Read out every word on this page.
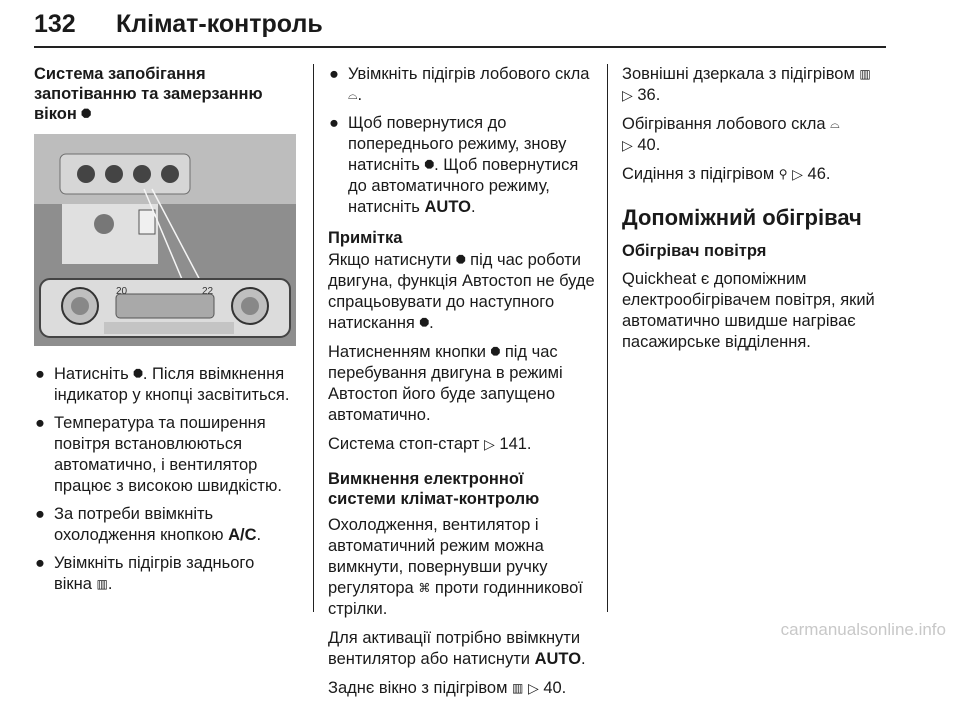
132 Клімат-контроль
Система запобігання запотіванню та замерзанню вікон ⯃
20	22
● Натисніть ⯃. Після ввімкнення індикатор у кнопці засвітиться.
● Температура та поширення повітря встановлюються автоматично, і вентилятор працює з високою швидкістю.
● За потреби ввімкніть охолодження кнопкою A/C.
● Увімкніть підігрів заднього вікна ▥.
● Увімкніть підігрів лобового скла ⌓.
● Щоб повернутися до попереднього режиму, знову натисніть ⯃. Щоб повернутися до автоматичного режиму, натисніть AUTO.
Примітка

Якщо натиснути ⯃ під час роботи двигуна, функція Автостоп не буде спрацьовувати до наступного натискання ⯃.

Натисненням кнопки ⯃ під час перебування двигуна в режимі Автостоп його буде запущено автоматично.

Система стоп-старт ▷ 141.

Вимкнення електронної системи клімат-контролю

Охолодження, вентилятор і автоматичний режим можна вимкнути, повернувши ручку регулятора ⌘ проти годинникової стрілки.

Для активації потрібно ввімкнути вентилятор або натиснути AUTO.

Заднє вікно з підігрівом ▥ ▷ 40.

Зовнішні дзеркала з підігрівом ▥
▷ 36.

Обігрівання лобового скла ⌓
▷ 40.

Сидіння з підігрівом ⚲ ▷ 46.

Допоміжний обігрівач
Обігрівач повітря

Quickheat є допоміжним електрообігрівачем повітря, який автоматично швидше нагріває пасажирське відділення.

carmanualsonline.info
